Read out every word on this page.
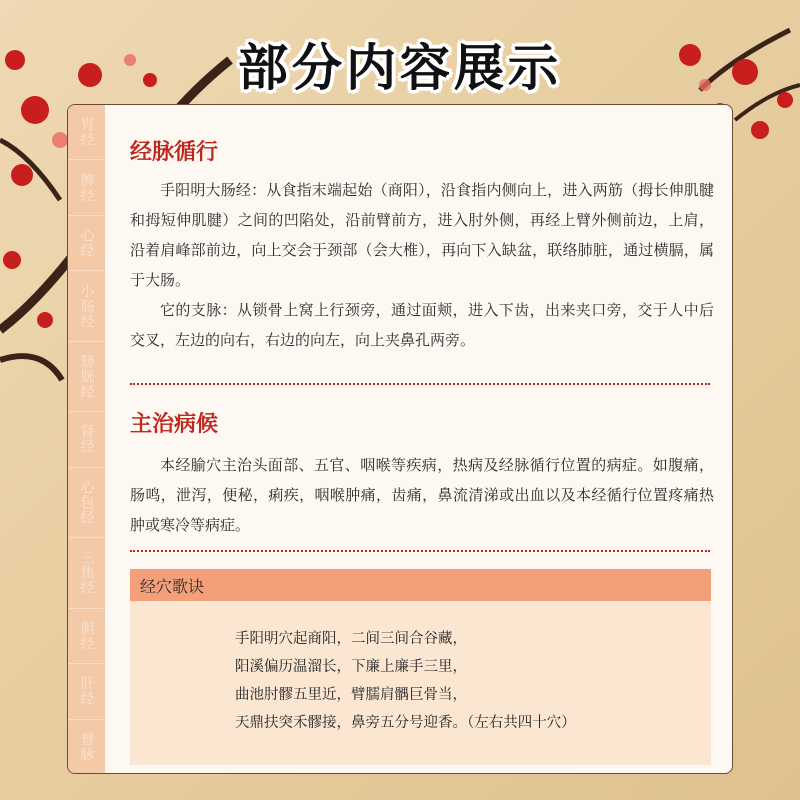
部分内容展示
胃经
脾经
心经
小肠经
膀胱经
肾经
心包经
三焦经
胆经
肝经
督脉
经脉循行
手阳明大肠经：从食指末端起始（商阳），沿食指内侧向上，进入两筋（拇长伸肌腱和拇短伸肌腱）之间的凹陷处，沿前臂前方，进入肘外侧，再经上臂外侧前边，上肩，沿着肩峰部前边，向上交会于颈部（会大椎），再向下入缺盆，联络肺脏，通过横膈，属于大肠。
它的支脉：从锁骨上窝上行颈旁，通过面颊，进入下齿，出来夹口旁，交于人中后交叉，左边的向右，右边的向左，向上夹鼻孔两旁。
主治病候
本经腧穴主治头面部、五官、咽喉等疾病，热病及经脉循行位置的病症。如腹痛，肠鸣，泄泻，便秘，痢疾，咽喉肿痛，齿痛，鼻流清涕或出血以及本经循行位置疼痛热肿或寒冷等病症。
经穴歌诀
手阳明穴起商阳，二间三间合谷藏，
阳溪偏历温溜长，下廉上廉手三里，
曲池肘髎五里近，臂臑肩髃巨骨当，
天鼎扶突禾髎接，鼻旁五分号迎香。（左右共四十穴）
